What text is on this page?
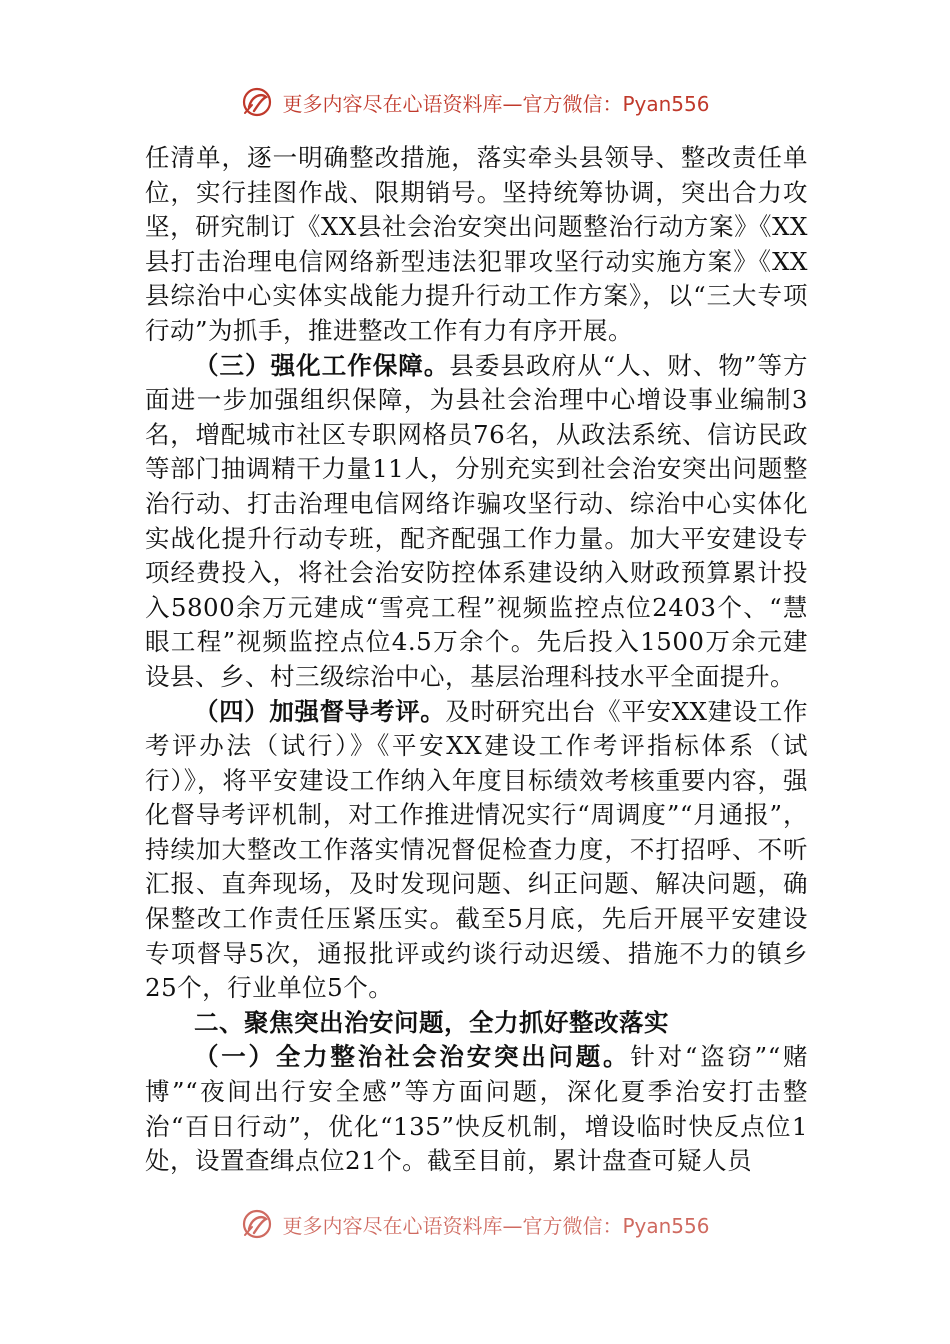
更多内容尽在心语资料库—官方微信：Pyan556

任清单，逐一明确整改措施，落实牵头县领导、整改责任单位，实行挂图作战、限期销号。坚持统筹协调，突出合力攻坚，研究制订《XX县社会治安突出问题整治行动方案》《XX县打击治理电信网络新型违法犯罪攻坚行动实施方案》《XX县综治中心实体实战能力提升行动工作方案》，以“三大专项行动”为抓手，推进整改工作有力有序开展。

（三）强化工作保障。县委县政府从“人、财、物”等方面进一步加强组织保障，为县社会治理中心增设事业编制3名，增配城市社区专职网格员76名，从政法系统、信访民政等部门抽调精干力量11人，分别充实到社会治安突出问题整治行动、打击治理电信网络诈骗攻坚行动、综治中心实体化实战化提升行动专班，配齐配强工作力量。加大平安建设专项经费投入，将社会治安防控体系建设纳入财政预算累计投入5800余万元建成“雪亮工程”视频监控点位2403个、“慧眼工程”视频监控点位4.5万余个。先后投入1500万余元建设县、乡、村三级综治中心，基层治理科技水平全面提升。

（四）加强督导考评。及时研究出台《平安XX建设工作考评办法（试行）》《平安XX建设工作考评指标体系（试行）》，将平安建设工作纳入年度目标绩效考核重要内容，强化督导考评机制，对工作推进情况实行“周调度”“月通报”，持续加大整改工作落实情况督促检查力度，不打招呼、不听汇报、直奔现场，及时发现问题、纠正问题、解决问题，确保整改工作责任压紧压实。截至5月底，先后开展平安建设专项督导5次，通报批评或约谈行动迟缓、措施不力的镇乡25个，行业单位5个。

二、聚焦突出治安问题，全力抓好整改落实

（一）全力整治社会治安突出问题。针对“盗窃”“赌博”“夜间出行安全感”等方面问题，深化夏季治安打击整治“百日行动”，优化“135”快反机制，增设临时快反点位1处，设置查缉点位21个。截至目前，累计盘查可疑人员

更多内容尽在心语资料库—官方微信：Pyan556
